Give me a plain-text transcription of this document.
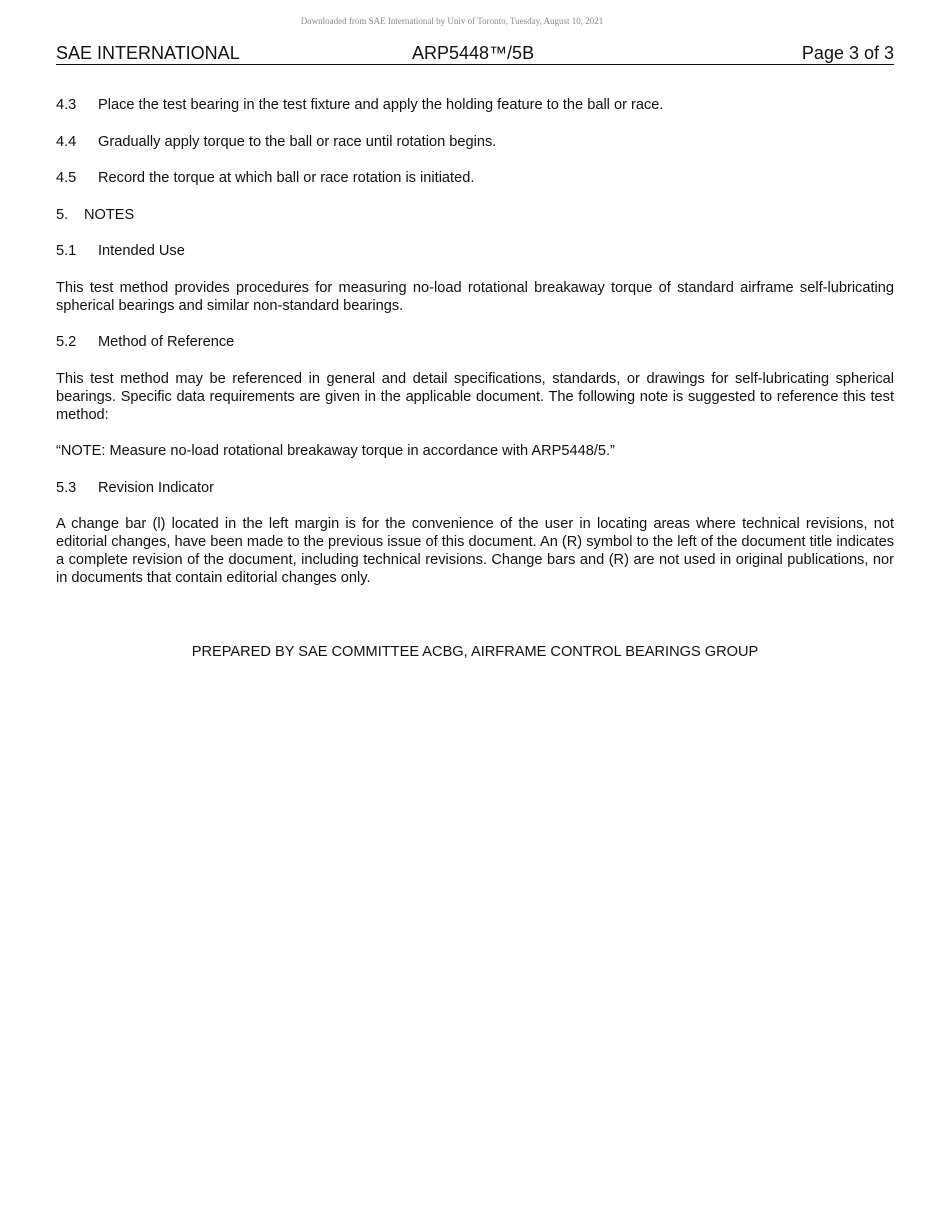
Downloaded from SAE International by Univ of Toronto, Tuesday, August 10, 2021
SAE INTERNATIONAL	ARP5448™/5B	Page 3 of 3

4.3 Place the test bearing in the test fixture and apply the holding feature to the ball or race.

4.4 Gradually apply torque to the ball or race until rotation begins.

4.5 Record the torque at which ball or race rotation is initiated.

5. NOTES

5.1 Intended Use

This test method provides procedures for measuring no-load rotational breakaway torque of standard airframe self-lubricating spherical bearings and similar non-standard bearings.

5.2 Method of Reference

This test method may be referenced in general and detail specifications, standards, or drawings for self-lubricating spherical bearings. Specific data requirements are given in the applicable document. The following note is suggested to reference this test method:

“NOTE: Measure no-load rotational breakaway torque in accordance with ARP5448/5.”

5.3 Revision Indicator

A change bar (l) located in the left margin is for the convenience of the user in locating areas where technical revisions, not editorial changes, have been made to the previous issue of this document. An (R) symbol to the left of the document title indicates a complete revision of the document, including technical revisions. Change bars and (R) are not used in original publications, nor in documents that contain editorial changes only.

PREPARED BY SAE COMMITTEE ACBG, AIRFRAME CONTROL BEARINGS GROUP
